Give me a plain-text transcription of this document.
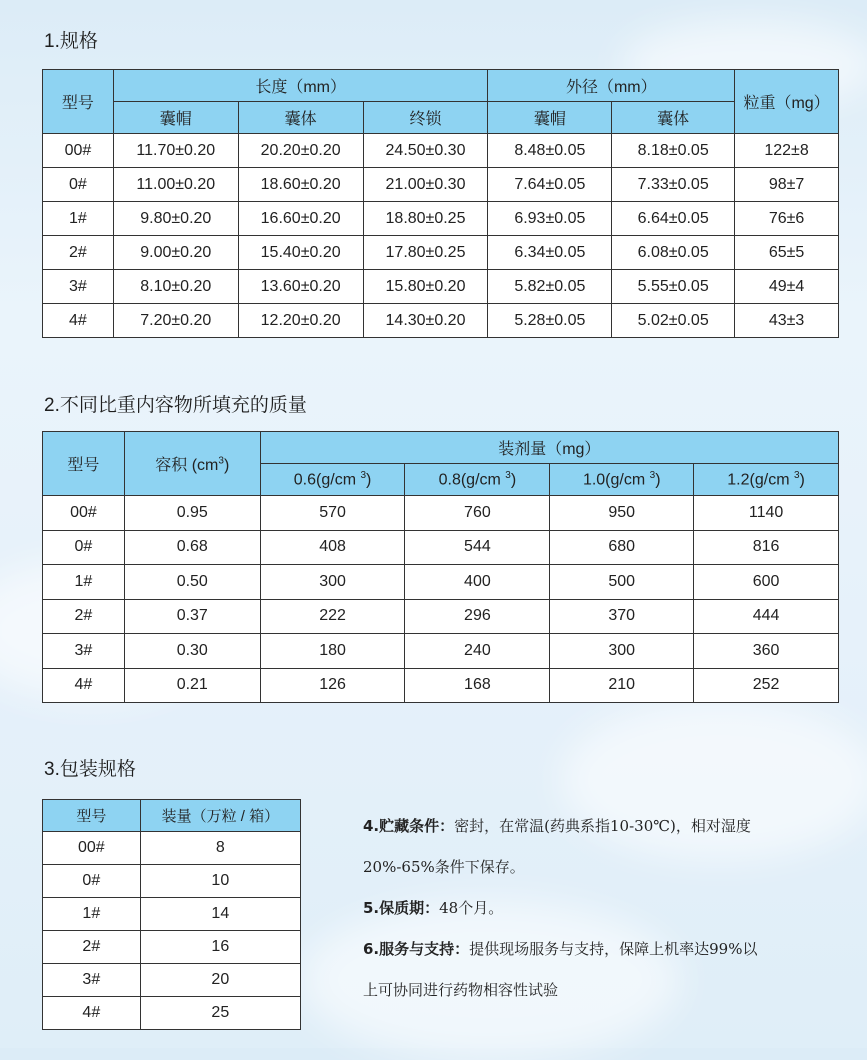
1.规格
型号	长度（mm）			外径（mm）		粒重（mg）
	囊帽	囊体	终锁	囊帽	囊体	
00#	11.70±0.20	20.20±0.20	24.50±0.30	8.48±0.05	8.18±0.05	122±8
0#	11.00±0.20	18.60±0.20	21.00±0.30	7.64±0.05	7.33±0.05	98±7
1#	9.80±0.20	16.60±0.20	18.80±0.25	6.93±0.05	6.64±0.05	76±6
2#	9.00±0.20	15.40±0.20	17.80±0.25	6.34±0.05	6.08±0.05	65±5
3#	8.10±0.20	13.60±0.20	15.80±0.20	5.82±0.05	5.55±0.05	49±4
4#	7.20±0.20	12.20±0.20	14.30±0.20	5.28±0.05	5.02±0.05	43±3
2.不同比重内容物所填充的质量
型号	容积 $(cm^3)$	装剂量（mg）			
		0.6(g/cm $^3$)	0.8(g/cm $^3$)	1.0(g/cm $^3$)	1.2(g/cm $^3$)
00#	0.95	570	760	950	1140
0#	0.68	408	544	680	816
1#	0.50	300	400	500	600
2#	0.37	222	296	370	444
3#	0.30	180	240	300	360
4#	0.21	126	168	210	252
3.包装规格
型号	装量（万粒 / 箱）
00#	8
0#	10
1#	14
2#	16
3#	20
4#	25

4.贮藏条件：密封，在常温(药典系指10-30℃)，相对湿度

20%-65%条件下保存。

5.保质期：48个月。

6.服务与支持：提供现场服务与支持，保障上机率达99%以

上可协同进行药物相容性试验
